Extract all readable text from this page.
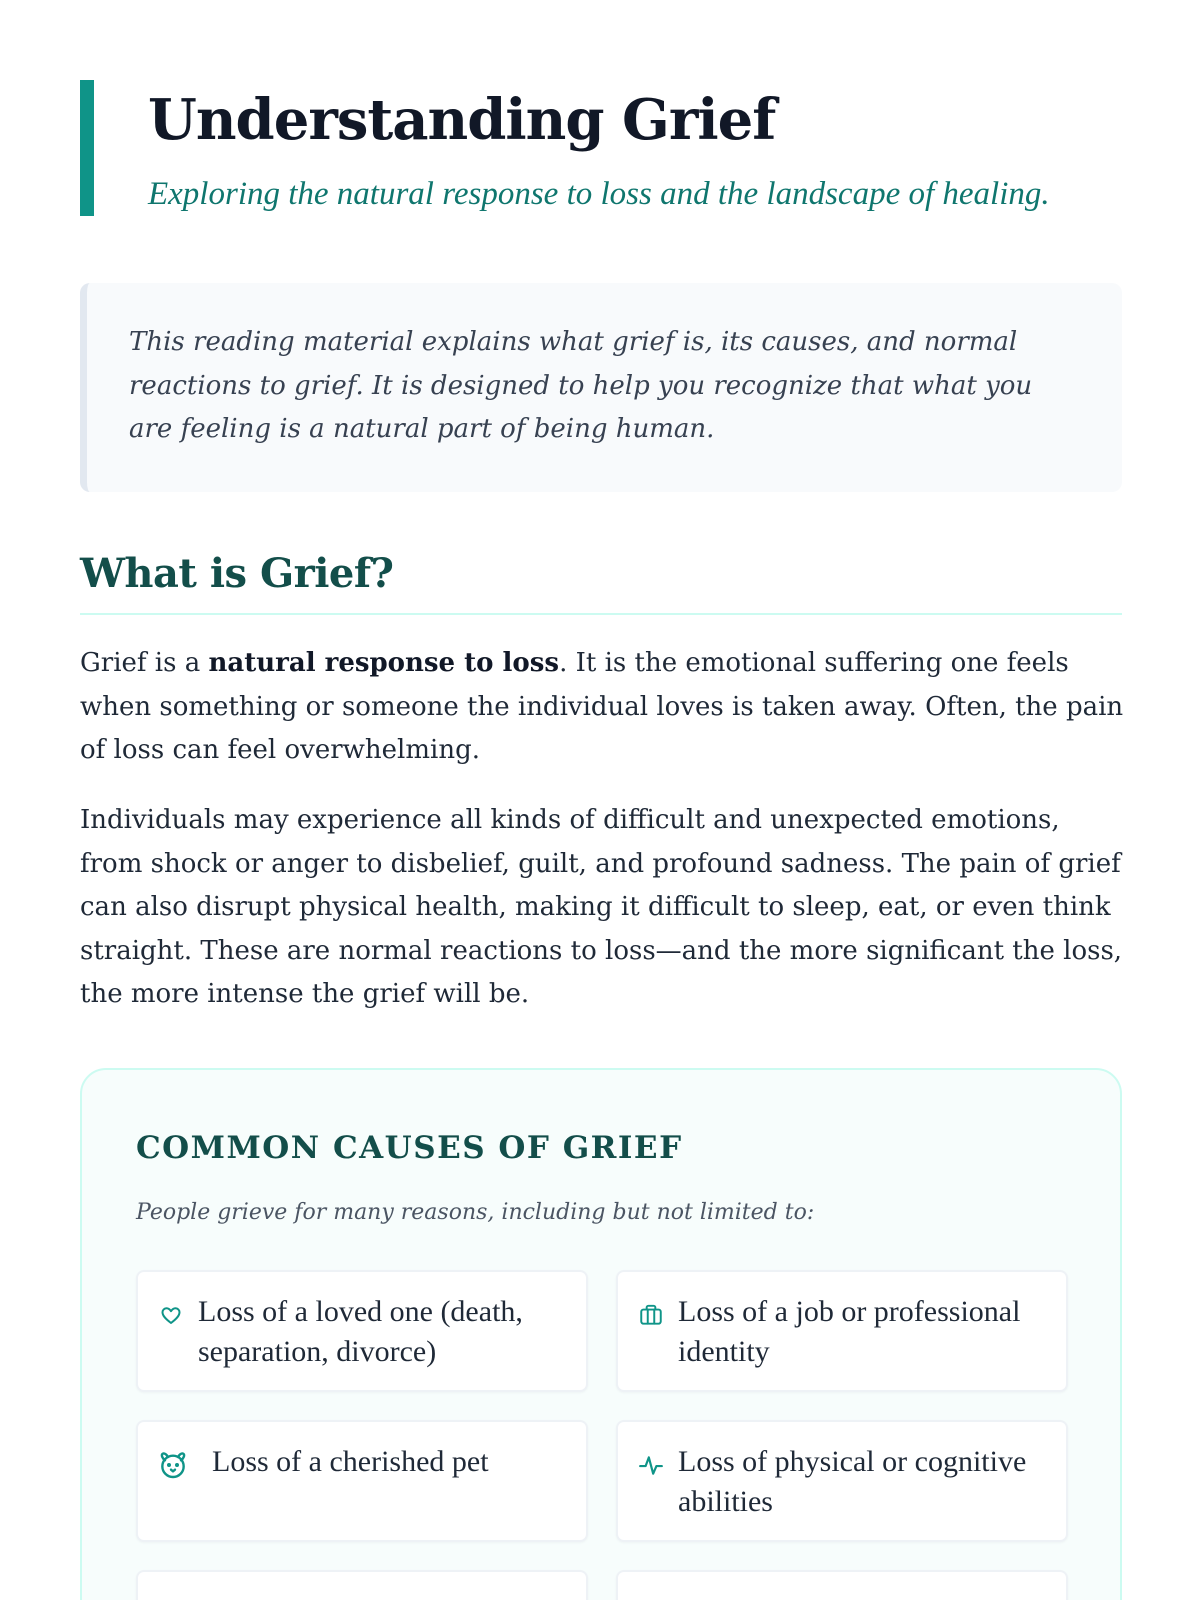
Understanding Grief

Exploring the natural response to loss and the landscape of healing.

This reading material explains what grief is, its causes, and normal reactions to grief. It is designed to help you recognize that what you are feeling is a natural part of being human.

What is Grief?

Grief is a natural response to loss. It is the emotional suffering one feels when something or someone the individual loves is taken away. Often, the pain of loss can feel overwhelming.

Individuals may experience all kinds of difficult and unexpected emotions, from shock or anger to disbelief, guilt, and profound sadness. The pain of grief can also disrupt physical health, making it difficult to sleep, eat, or even think straight. These are normal reactions to loss—and the more significant the loss, the more intense the grief will be.

COMMON CAUSES OF GRIEF

People grieve for many reasons, including but not limited to:

Loss of a loved one (death, separation, divorce)

Loss of a job or professional identity

Loss of a cherished pet	Loss of physical or cognitive abilities
